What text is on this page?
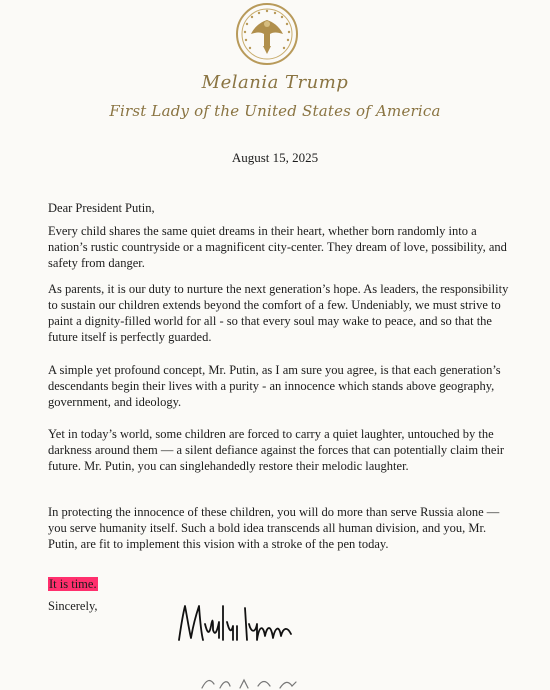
Melania Trump
First Lady of the United States of America
August 15, 2025

Dear President Putin,

Every child shares the same quiet dreams in their heart, whether born randomly into a nation’s rustic countryside or a magnificent city-center. They dream of love, possibility, and safety from danger.

As parents, it is our duty to nurture the next generation’s hope. As leaders, the responsibility to sustain our children extends beyond the comfort of a few. Undeniably, we must strive to paint a dignity-filled world for all - so that every soul may wake to peace, and so that the future itself is perfectly guarded.

A simple yet profound concept, Mr. Putin, as I am sure you agree, is that each generation’s descendants begin their lives with a purity - an innocence which stands above geography, government, and ideology.

Yet in today’s world, some children are forced to carry a quiet laughter, untouched by the darkness around them — a silent defiance against the forces that can potentially claim their future. Mr. Putin, you can singlehandedly restore their melodic laughter.

In protecting the innocence of these children, you will do more than serve Russia alone — you serve humanity itself. Such a bold idea transcends all human division, and you, Mr. Putin, are fit to implement this vision with a stroke of the pen today.

It is time.
Sincerely,
